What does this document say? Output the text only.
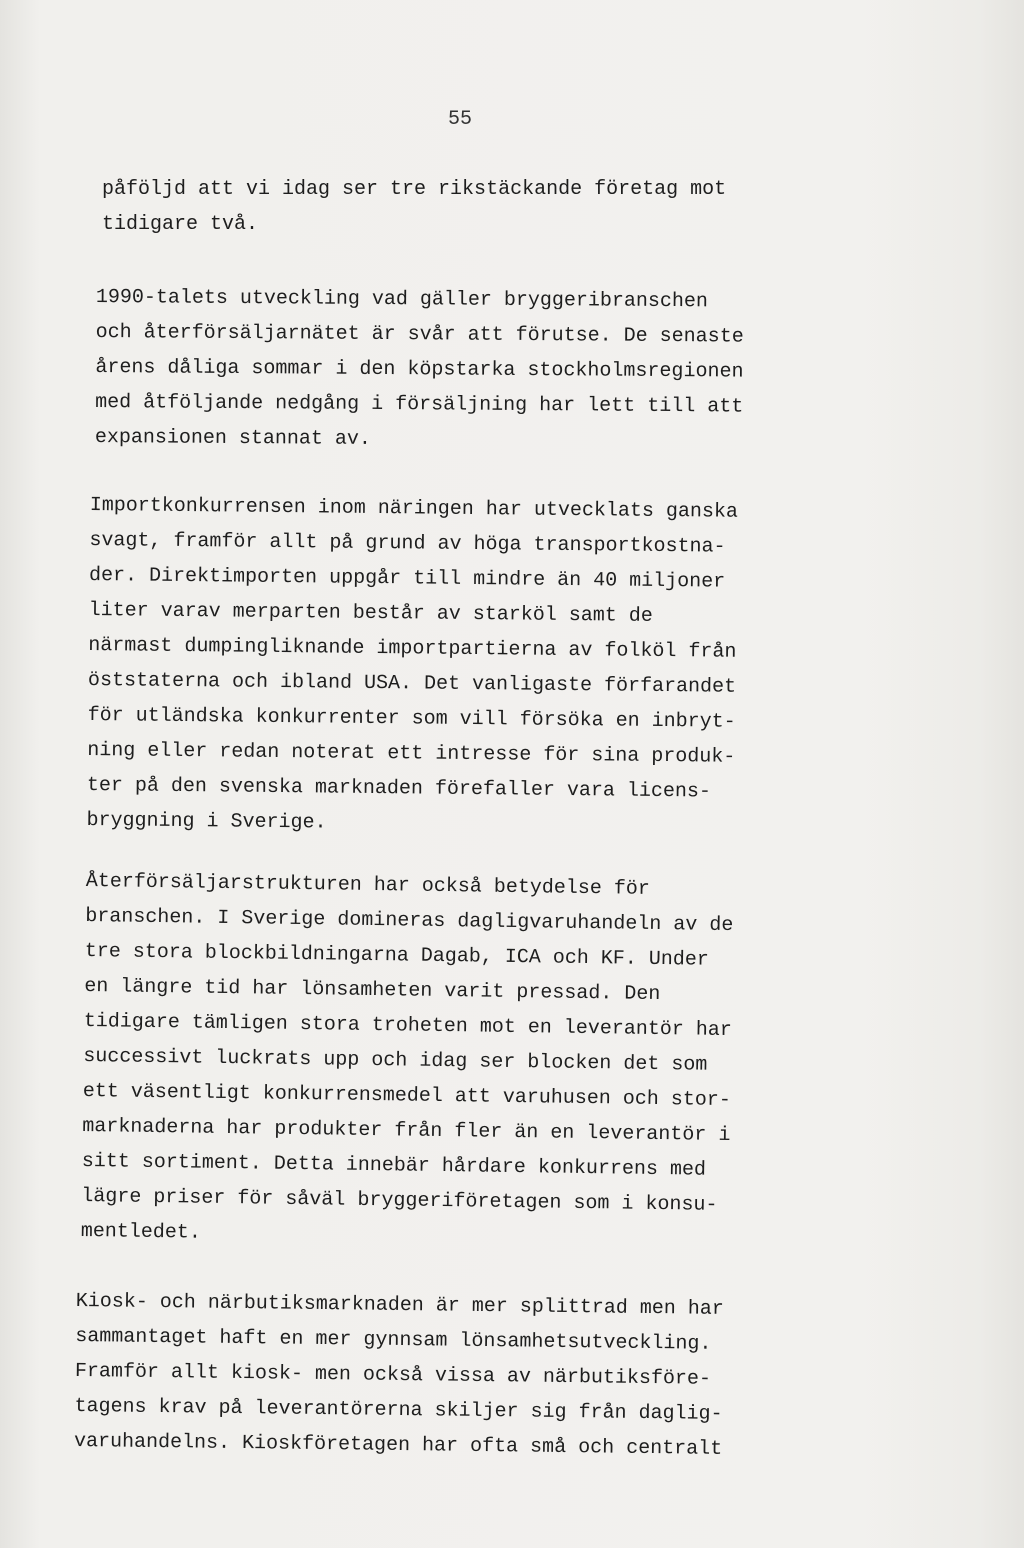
55

påföljd att vi idag ser tre rikstäckande företag mot
tidigare två.

1990-talets utveckling vad gäller bryggeribranschen
och återförsäljarnätet är svår att förutse. De senaste
årens dåliga sommar i den köpstarka stockholmsregionen
med åtföljande nedgång i försäljning har lett till att
expansionen stannat av.

Importkonkurrensen inom näringen har utvecklats ganska
svagt, framför allt på grund av höga transportkostna-
der. Direktimporten uppgår till mindre än 40 miljoner
liter varav merparten består av starköl samt de
närmast dumpingliknande importpartierna av folköl från
öststaterna och ibland USA. Det vanligaste förfarandet
för utländska konkurrenter som vill försöka en inbryt-
ning eller redan noterat ett intresse för sina produk-
ter på den svenska marknaden förefaller vara licens-
bryggning i Sverige.

Återförsäljarstrukturen har också betydelse för
branschen. I Sverige domineras dagligvaruhandeln av de
tre stora blockbildningarna Dagab, ICA och KF. Under
en längre tid har lönsamheten varit pressad. Den
tidigare tämligen stora troheten mot en leverantör har
successivt luckrats upp och idag ser blocken det som
ett väsentligt konkurrensmedel att varuhusen och stor-
marknaderna har produkter från fler än en leverantör i
sitt sortiment. Detta innebär hårdare konkurrens med
lägre priser för såväl bryggeriföretagen som i konsu-
mentledet.

Kiosk- och närbutiksmarknaden är mer splittrad men har
sammantaget haft en mer gynnsam lönsamhetsutveckling.
Framför allt kiosk- men också vissa av närbutiksföre-
tagens krav på leverantörerna skiljer sig från daglig-
varuhandelns. Kioskföretagen har ofta små och centralt
